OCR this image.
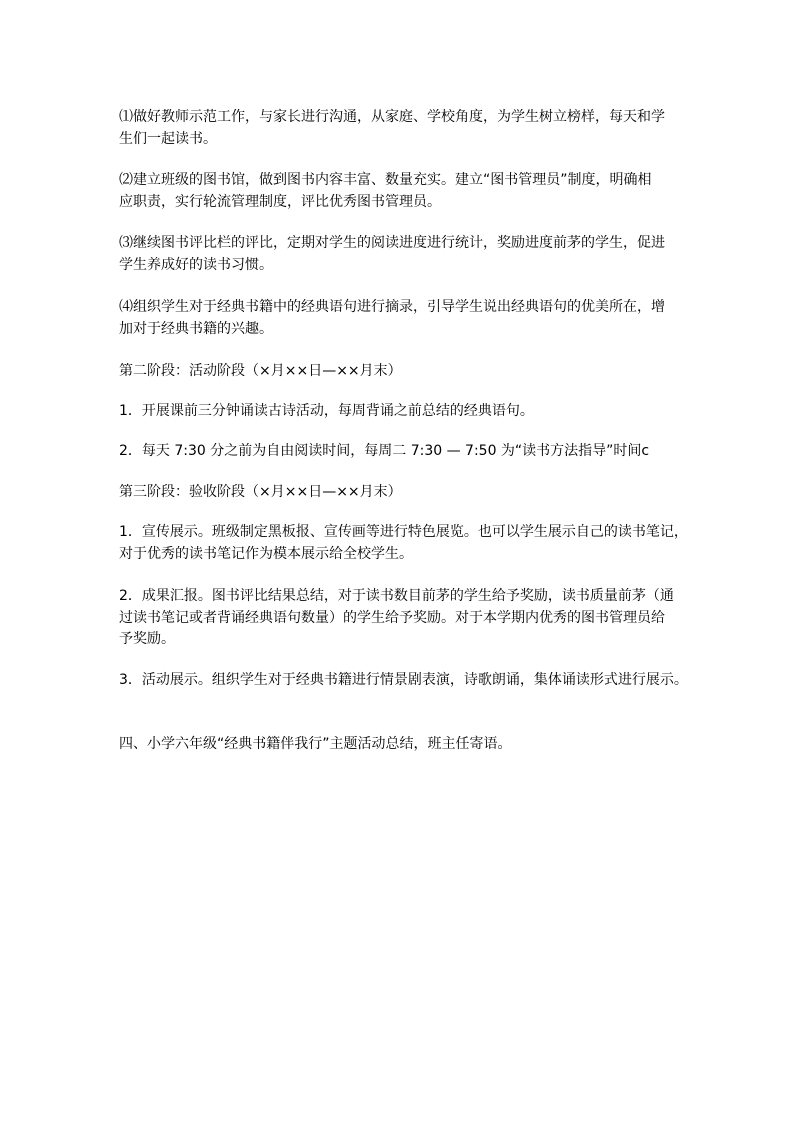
⑴做好教师示范工作，与家长进行沟通，从家庭、学校角度，为学生树立榜样，每天和学
生们一起读书。

⑵建立班级的图书馆，做到图书内容丰富、数量充实。建立“图书管理员”制度，明确相
应职责，实行轮流管理制度，评比优秀图书管理员。

⑶继续图书评比栏的评比，定期对学生的阅读进度进行统计，奖励进度前茅的学生，促进
学生养成好的读书习惯。

⑷组织学生对于经典书籍中的经典语句进行摘录，引导学生说出经典语句的优美所在，增
加对于经典书籍的兴趣。

第二阶段：活动阶段（×月××日—××月末）

1．开展课前三分钟诵读古诗活动，每周背诵之前总结的经典语句。

2．每天 7:30 分之前为自由阅读时间，每周二 7:30 — 7:50 为“读书方法指导”时间c

第三阶段：验收阶段（×月××日—××月末）

1．宣传展示。班级制定黑板报、宣传画等进行特色展览。也可以学生展示自己的读书笔记，
对于优秀的读书笔记作为模本展示给全校学生。

2．成果汇报。图书评比结果总结，对于读书数目前茅的学生给予奖励，读书质量前茅（通
过读书笔记或者背诵经典语句数量）的学生给予奖励。对于本学期内优秀的图书管理员给
予奖励。

3．活动展示。组织学生对于经典书籍进行情景剧表演，诗歌朗诵，集体诵读形式进行展示。

四、小学六年级“经典书籍伴我行”主题活动总结，班主任寄语。
